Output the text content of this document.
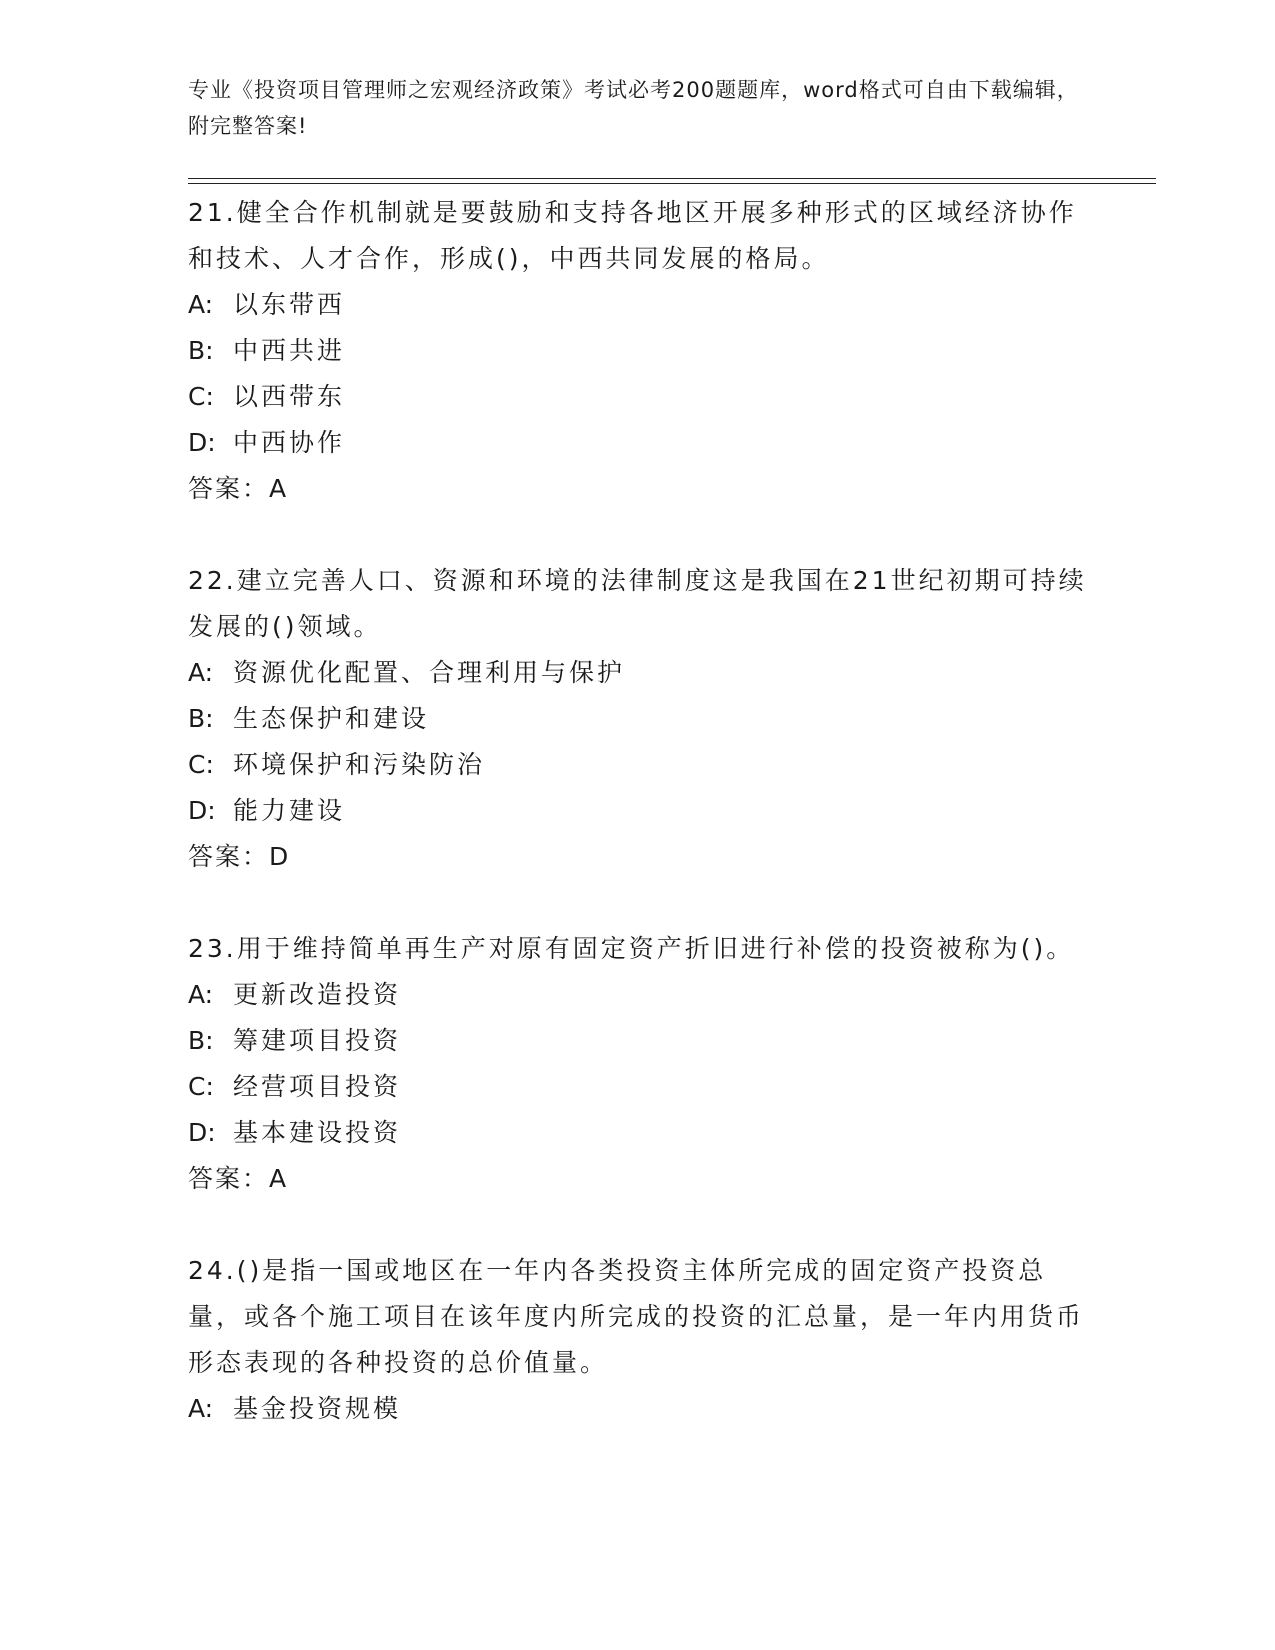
专业《投资项目管理师之宏观经济政策》考试必考200题题库，word格式可自由下载编辑，附完整答案!
21.健全合作机制就是要鼓励和支持各地区开展多种形式的区域经济协作和技术、人才合作，形成()，中西共同发展的格局。
A: 以东带西
B: 中西共进
C: 以西带东
D: 中西协作
答案：A
22.建立完善人口、资源和环境的法律制度这是我国在21世纪初期可持续发展的()领域。
A: 资源优化配置、合理利用与保护
B: 生态保护和建设
C: 环境保护和污染防治
D: 能力建设
答案：D
23.用于维持简单再生产对原有固定资产折旧进行补偿的投资被称为()。
A: 更新改造投资
B: 筹建项目投资
C: 经营项目投资
D: 基本建设投资
答案：A
24.()是指一国或地区在一年内各类投资主体所完成的固定资产投资总量，或各个施工项目在该年度内所完成的投资的汇总量，是一年内用货币形态表现的各种投资的总价值量。
A: 基金投资规模
